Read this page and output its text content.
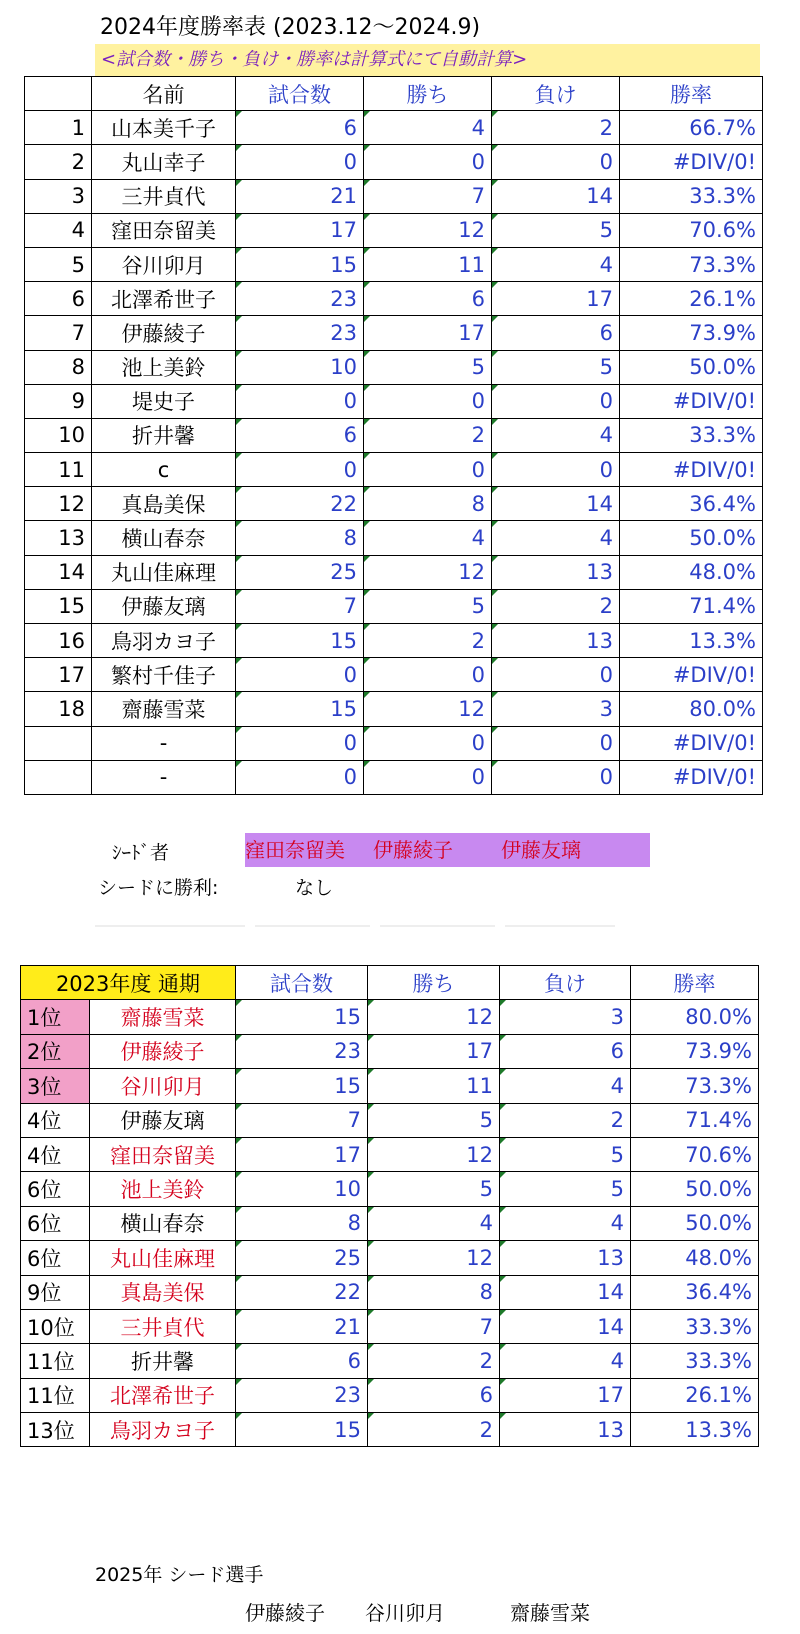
2024年度勝率表 (2023.12～2024.9)
<試合数・勝ち・負け・勝率は計算式にて自動計算>
	名前	試合数	勝ち	負け	勝率
1	山本美千子	6	4	2	66.7%
2	丸山幸子	0	0	0	#DIV/0!
3	三井貞代	21	7	14	33.3%
4	窪田奈留美	17	12	5	70.6%
5	谷川卯月	15	11	4	73.3%
6	北澤希世子	23	6	17	26.1%
7	伊藤綾子	23	17	6	73.9%
8	池上美鈴	10	5	5	50.0%
9	堤史子	0	0	0	#DIV/0!
10	折井馨	6	2	4	33.3%
11	c	0	0	0	#DIV/0!
12	真島美保	22	8	14	36.4%
13	横山春奈	8	4	4	50.0%
14	丸山佳麻理	25	12	13	48.0%
15	伊藤友璃	7	5	2	71.4%
16	鳥羽カヨ子	15	2	13	13.3%
17	繁村千佳子	0	0	0	#DIV/0!
18	齋藤雪菜	15	12	3	80.0%
	-	0	0	0	#DIV/0!
	-	0	0	0	#DIV/0!
ｼｰﾄﾞ者	窪田奈留美 伊藤綾子 伊藤友璃
シードに勝利:	なし
2023年度 通期		試合数	勝ち	負け	勝率
1位	齋藤雪菜	15	12	3	80.0%
2位	伊藤綾子	23	17	6	73.9%
3位	谷川卯月	15	11	4	73.3%
4位	伊藤友璃	7	5	2	71.4%
4位	窪田奈留美	17	12	5	70.6%
6位	池上美鈴	10	5	5	50.0%
6位	横山春奈	8	4	4	50.0%
6位	丸山佳麻理	25	12	13	48.0%
9位	真島美保	22	8	14	36.4%
10位	三井貞代	21	7	14	33.3%
11位	折井馨	6	2	4	33.3%
11位	北澤希世子	23	6	17	26.1%
13位	鳥羽カヨ子	15	2	13	13.3%
2025年 シード選手
伊藤綾子 谷川卯月	齋藤雪菜
